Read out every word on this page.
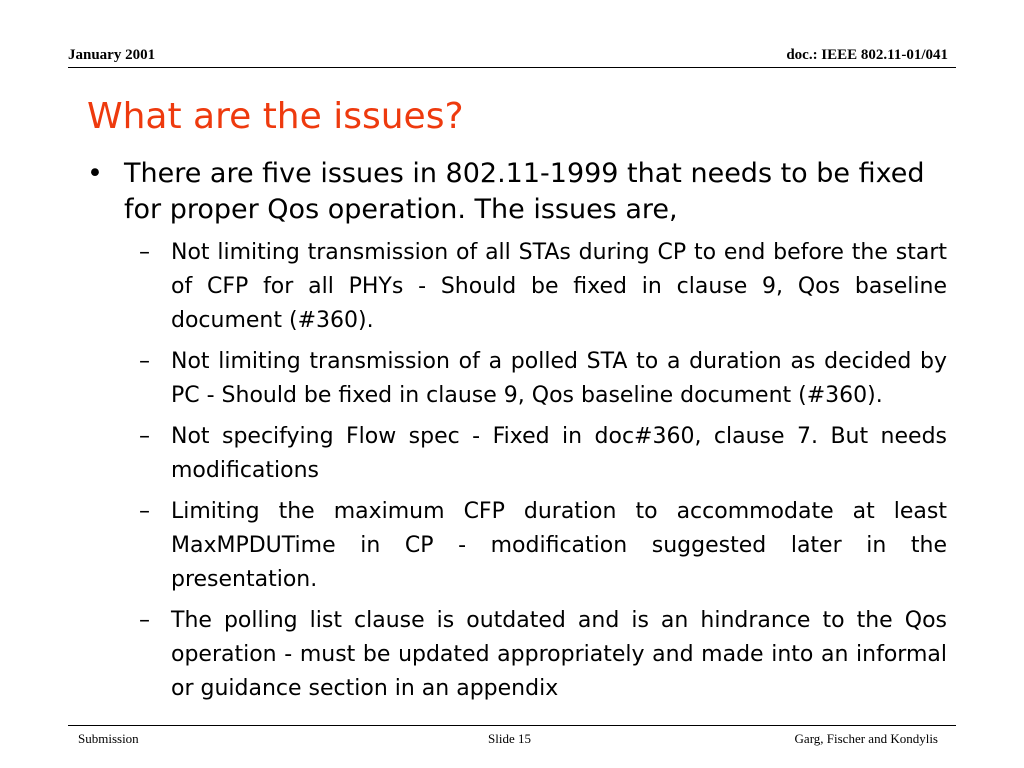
January 2001	doc.: IEEE 802.11-01/041
What are the issues?
• There are five issues in 802.11-1999 that needs to be fixed for proper Qos operation. The issues are,
– Not limiting transmission of all STAs during CP to end before the start of CFP for all PHYs - Should be fixed in clause 9, Qos baseline document (#360).
– Not limiting transmission of a polled STA to a duration as decided by PC - Should be fixed in clause 9, Qos baseline document (#360).
– Not specifying Flow spec - Fixed in doc#360, clause 7. But needs modifications
– Limiting the maximum CFP duration to accommodate at least MaxMPDUTime in CP - modification suggested later in the presentation.
– The polling list clause is outdated and is an hindrance to the Qos operation - must be updated appropriately and made into an informal or guidance section in an appendix
Submission	Slide 15	Garg, Fischer and Kondylis
